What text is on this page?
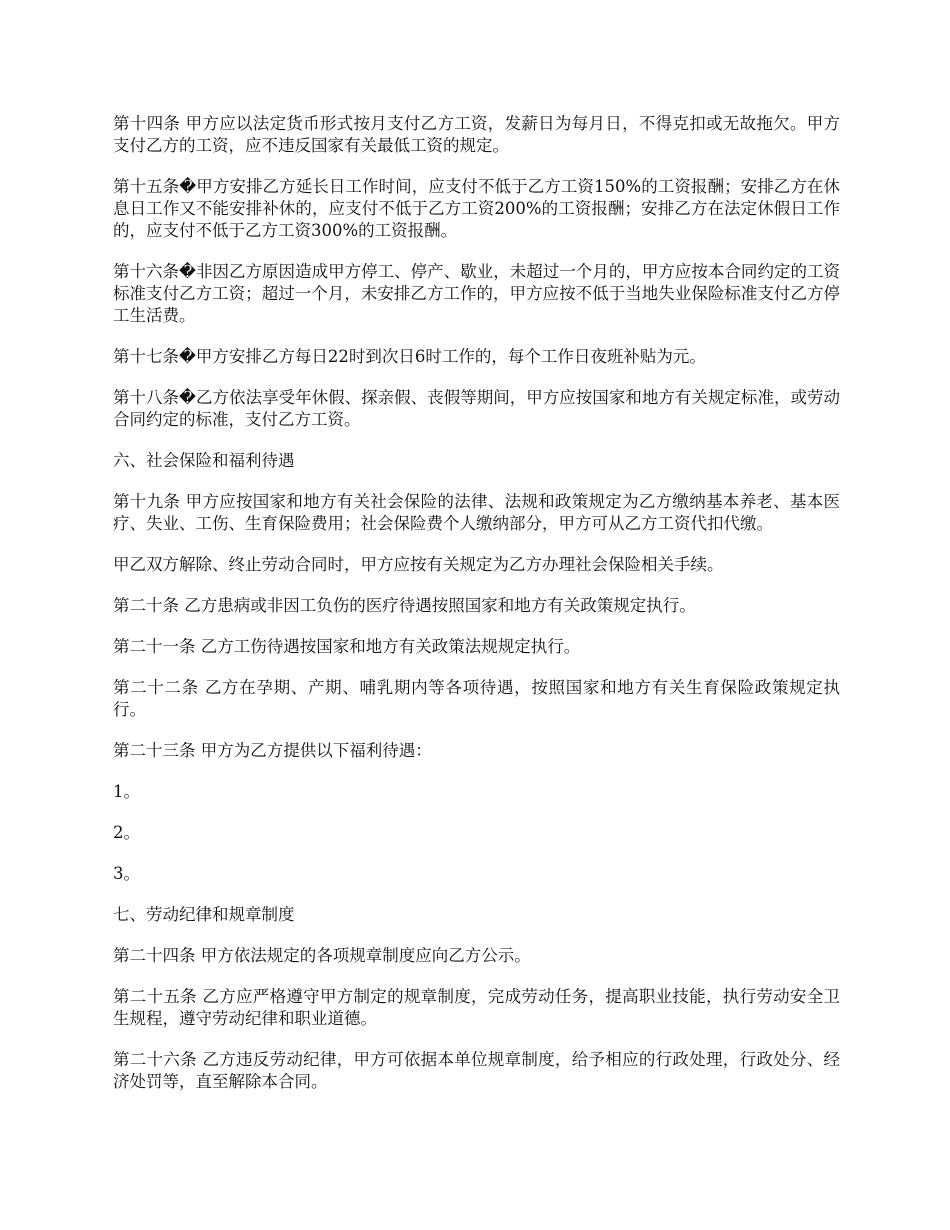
第十四条 甲方应以法定货币形式按月支付乙方工资，发薪日为每月日，不得克扣或无故拖欠。甲方支付乙方的工资，应不违反国家有关最低工资的规定。

第十五条�甲方安排乙方延长日工作时间，应支付不低于乙方工资150%的工资报酬；安排乙方在休息日工作又不能安排补休的，应支付不低于乙方工资200%的工资报酬；安排乙方在法定休假日工作的，应支付不低于乙方工资300%的工资报酬。

第十六条�非因乙方原因造成甲方停工、停产、歇业，未超过一个月的，甲方应按本合同约定的工资标准支付乙方工资；超过一个月，未安排乙方工作的，甲方应按不低于当地失业保险标准支付乙方停工生活费。

第十七条�甲方安排乙方每日22时到次日6时工作的，每个工作日夜班补贴为元。

第十八条�乙方依法享受年休假、探亲假、丧假等期间，甲方应按国家和地方有关规定标准，或劳动合同约定的标准，支付乙方工资。

六、社会保险和福利待遇

第十九条 甲方应按国家和地方有关社会保险的法律、法规和政策规定为乙方缴纳基本养老、基本医疗、失业、工伤、生育保险费用；社会保险费个人缴纳部分，甲方可从乙方工资代扣代缴。

甲乙双方解除、终止劳动合同时，甲方应按有关规定为乙方办理社会保险相关手续。

第二十条 乙方患病或非因工负伤的医疗待遇按照国家和地方有关政策规定执行。

第二十一条 乙方工伤待遇按国家和地方有关政策法规规定执行。

第二十二条 乙方在孕期、产期、哺乳期内等各项待遇，按照国家和地方有关生育保险政策规定执行。

第二十三条 甲方为乙方提供以下福利待遇：

1。

2。

3。

七、劳动纪律和规章制度

第二十四条 甲方依法规定的各项规章制度应向乙方公示。

第二十五条 乙方应严格遵守甲方制定的规章制度，完成劳动任务，提高职业技能，执行劳动安全卫生规程，遵守劳动纪律和职业道德。

第二十六条 乙方违反劳动纪律，甲方可依据本单位规章制度，给予相应的行政处理，行政处分、经济处罚等，直至解除本合同。
